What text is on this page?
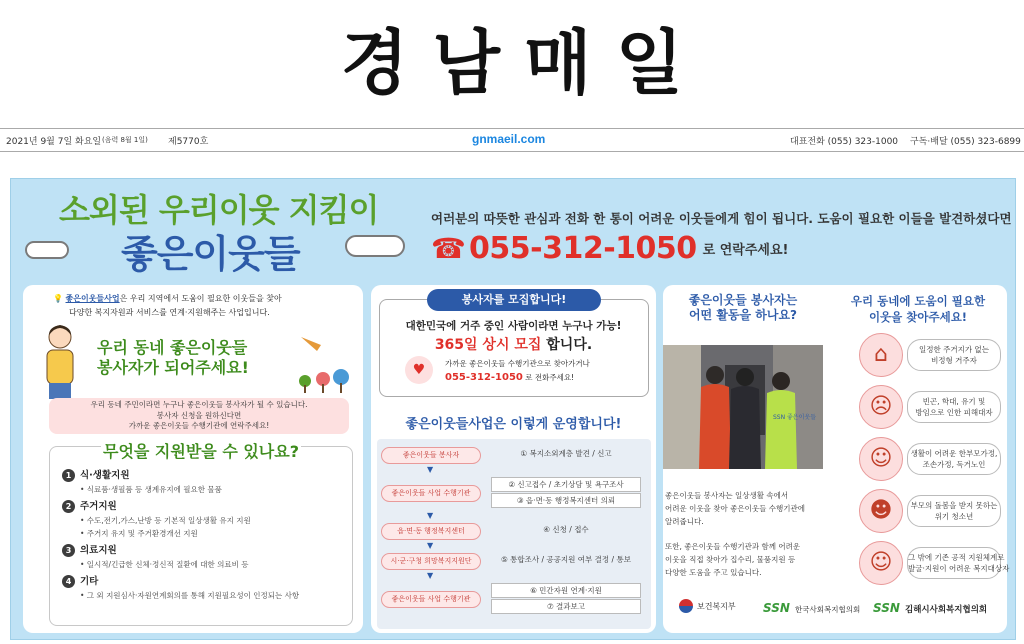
경남매일
2021년 9월 7일 화요일 (음력 8월 1일) 제5770호	gnmaeil.com	대표전화 (055) 323-1000 구독·배달 (055) 323-6899
소외된 우리이웃 지킴이
좋은이웃들
여러분의 따뜻한 관심과 전화 한 통이 어려운 이웃들에게 힘이 됩니다. 도움이 필요한 이들을 발견하셨다면
☎ 055-312-1050 로 연락주세요!
💡 좋은이웃들사업은 우리 지역에서 도움이 필요한 이웃들을 찾아
다양한 복지자원과 서비스를 연계·지원해주는 사업입니다.
우리 동네 좋은이웃들
봉사자가 되어주세요!
우리 동네 주민이라면 누구나 좋은이웃들 봉사자가 될 수 있습니다.
봉사자 신청을 원하신다면
가까운 좋은이웃들 수행기관에 연락주세요!
무엇을 지원받을 수 있나요?
1 식·생활지원
• 식료품·생필품 등 생계유지에 필요한 물품
2 주거지원
• 수도,전기,가스,난방 등 기본적 일상생활 유지 지원
• 주거지 유지 및 주거환경개선 지원
3 의료지원
• 일시적/긴급한 신체·정신적 질환에 대한 의료비 등
4 기타
• 그 외 지원심사·자원연계회의를 통해 지원필요성이 인정되는 사항
봉사자를 모집합니다!
대한민국에 거주 중인 사람이라면 누구나 가능!
365일 상시 모집 합니다.
♥	가까운 좋은이웃들 수행기관으로 찾아가거나
055-312-1050 로 전화주세요!
좋은이웃들사업은 이렇게 운영합니다!
좋은이웃들 봉사자	① 복지소외계층 발견 / 신고
▼
좋은이웃들 사업 수행기관
② 신고접수 / 초기상담 및 욕구조사
③ 읍·면·동 행정복지센터 의뢰
▼
읍·면·동 행정복지센터	④ 신청 / 접수
▼
시·군·구청 희망복지지원단	⑤ 통합조사 / 공공지원 여부 결정 / 통보
▼
좋은이웃들 사업 수행기관
⑥ 민간자원 연계·지원
⑦ 결과보고
좋은이웃들 봉사자는
어떤 활동을 하나요?
SSN 좋은이웃들
좋은이웃들 봉사자는 일상생활 속에서
어려운 이웃을 찾아 좋은이웃들 수행기관에
알려줍니다.
또한, 좋은이웃들 수행기관과 함께 어려운
이웃을 직접 찾아가 집수리, 물품지원 등
다양한 도움을 주고 있습니다.
우리 동네에 도움이 필요한
이웃을 찾아주세요!
⌂	일정한 주거지가 없는
비정형 거주자
☹	빈곤, 학대, 유기 및
방임으로 인한 피해대자
☺	생활이 어려운 한부모가정,
조손가정, 독거노인
☻	부모의 돌봄을 받지 못하는
위기 청소년
☺	그 밖에 기존 공적 지원체계로
발굴·지원이 어려운 복지대상자
보건복지부 SSN 한국사회복지협의회 SSN 김해시사회복지협의회
